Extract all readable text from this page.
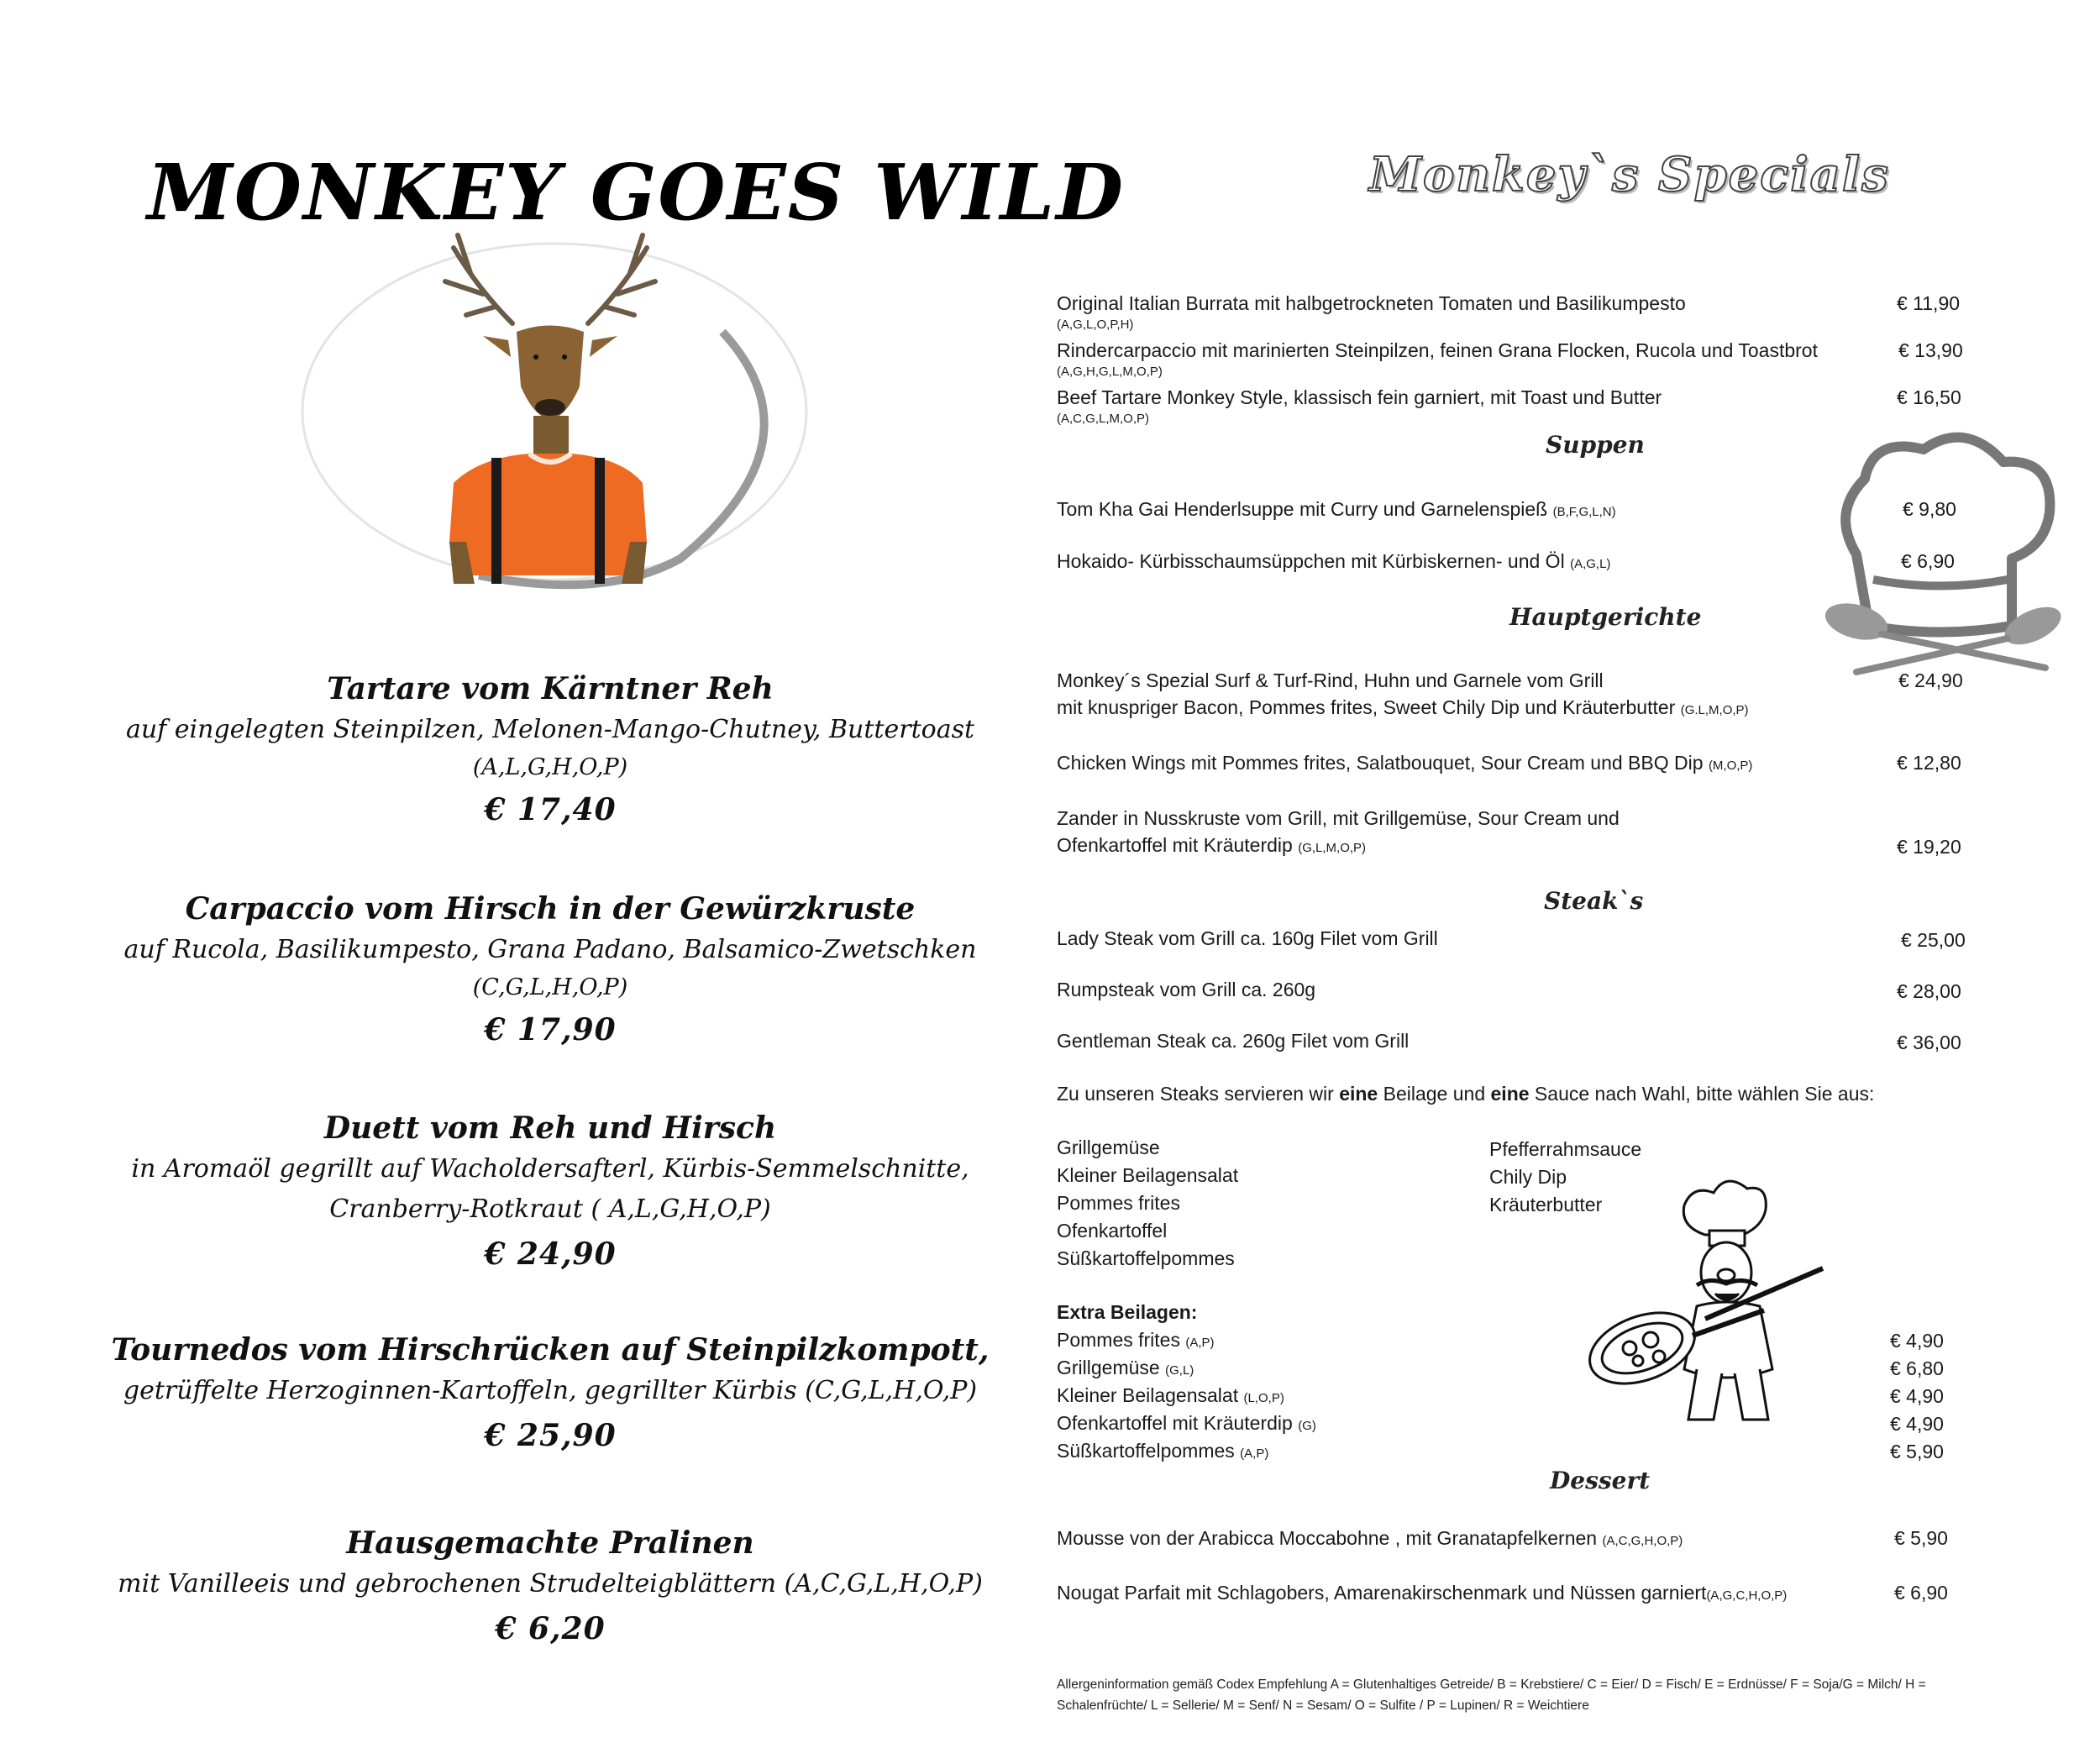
MONKEY GOES WILD
Tartare vom Kärntner Reh
auf eingelegten Steinpilzen, Melonen-Mango-Chutney, Buttertoast
(A,L,G,H,O,P)
€ 17,40
Carpaccio vom Hirsch in der Gewürzkruste
auf Rucola, Basilikumpesto, Grana Padano, Balsamico-Zwetschken
(C,G,L,H,O,P)
€ 17,90
Duett vom Reh und Hirsch
in Aromaöl gegrillt auf Wacholdersafterl, Kürbis-Semmelschnitte,
Cranberry-Rotkraut ( A,L,G,H,O,P)
€ 24,90
Tournedos vom Hirschrücken auf Steinpilzkompott,
getrüffelte Herzoginnen-Kartoffeln, gegrillter Kürbis (C,G,L,H,O,P)
€ 25,90
Hausgemachte Pralinen
mit Vanilleeis und gebrochenen Strudelteigblättern (A,C,G,L,H,O,P)
€ 6,20
Monkey`s Specials
Original Italian Burrata mit halbgetrockneten Tomaten und Basilikumpesto
(A,G,L,O,P,H)
€ 11,90
Rindercarpaccio mit marinierten Steinpilzen, feinen Grana Flocken, Rucola und Toastbrot
(A,G,H,G,L,M,O,P)
€ 13,90
Beef Tartare Monkey Style, klassisch fein garniert, mit Toast und Butter
(A,C,G,L,M,O,P)
€ 16,50
Suppen
Tom Kha Gai Henderlsuppe mit Curry und Garnelenspieß (B,F,G,L,N)	€ 9,80
Hokaido- Kürbisschaumsüppchen mit Kürbiskernen- und Öl (A,G,L)	€ 6,90
Hauptgerichte
Monkey´s Spezial Surf & Turf-Rind, Huhn und Garnele vom Grill
mit knuspriger Bacon, Pommes frites, Sweet Chily Dip und Kräuterbutter (G.L,M,O,P)
€ 24,90
Chicken Wings mit Pommes frites, Salatbouquet, Sour Cream und BBQ Dip (M,O,P)	€ 12,80
Zander in Nusskruste vom Grill, mit Grillgemüse, Sour Cream und
Ofenkartoffel mit Kräuterdip (G,L,M,O,P)	€ 19,20
Steak`s
Lady Steak vom Grill ca. 160g Filet vom Grill	€ 25,00
Rumpsteak vom Grill ca. 260g	€ 28,00
Gentleman Steak ca. 260g Filet vom Grill	€ 36,00
Zu unseren Steaks servieren wir eine Beilage und eine Sauce nach Wahl, bitte wählen Sie aus:
Grillgemüse
Kleiner Beilagensalat
Pommes frites
Ofenkartoffel
Süßkartoffelpommes
Pfefferrahmsauce
Chily Dip
Kräuterbutter
Extra Beilagen:
Pommes frites (A,P)	€ 4,90
Grillgemüse (G,L)	€ 6,80
Kleiner Beilagensalat (L,O,P)	€ 4,90
Ofenkartoffel mit Kräuterdip (G)	€ 4,90
Süßkartoffelpommes (A,P)	€ 5,90
Dessert
Mousse von der Arabicca Moccabohne , mit Granatapfelkernen (A,C,G,H,O,P)	€ 5,90
Nougat Parfait mit Schlagobers, Amarenakirschenmark und Nüssen garniert(A,G,C,H,O,P)	€ 6,90
Allergeninformation gemäß Codex Empfehlung A = Glutenhaltiges Getreide/ B = Krebstiere/ C = Eier/ D = Fisch/ E = Erdnüsse/ F = Soja/G = Milch/ H =
Schalenfrüchte/ L = Sellerie/ M = Senf/ N = Sesam/ O = Sulfite / P = Lupinen/ R = Weichtiere
